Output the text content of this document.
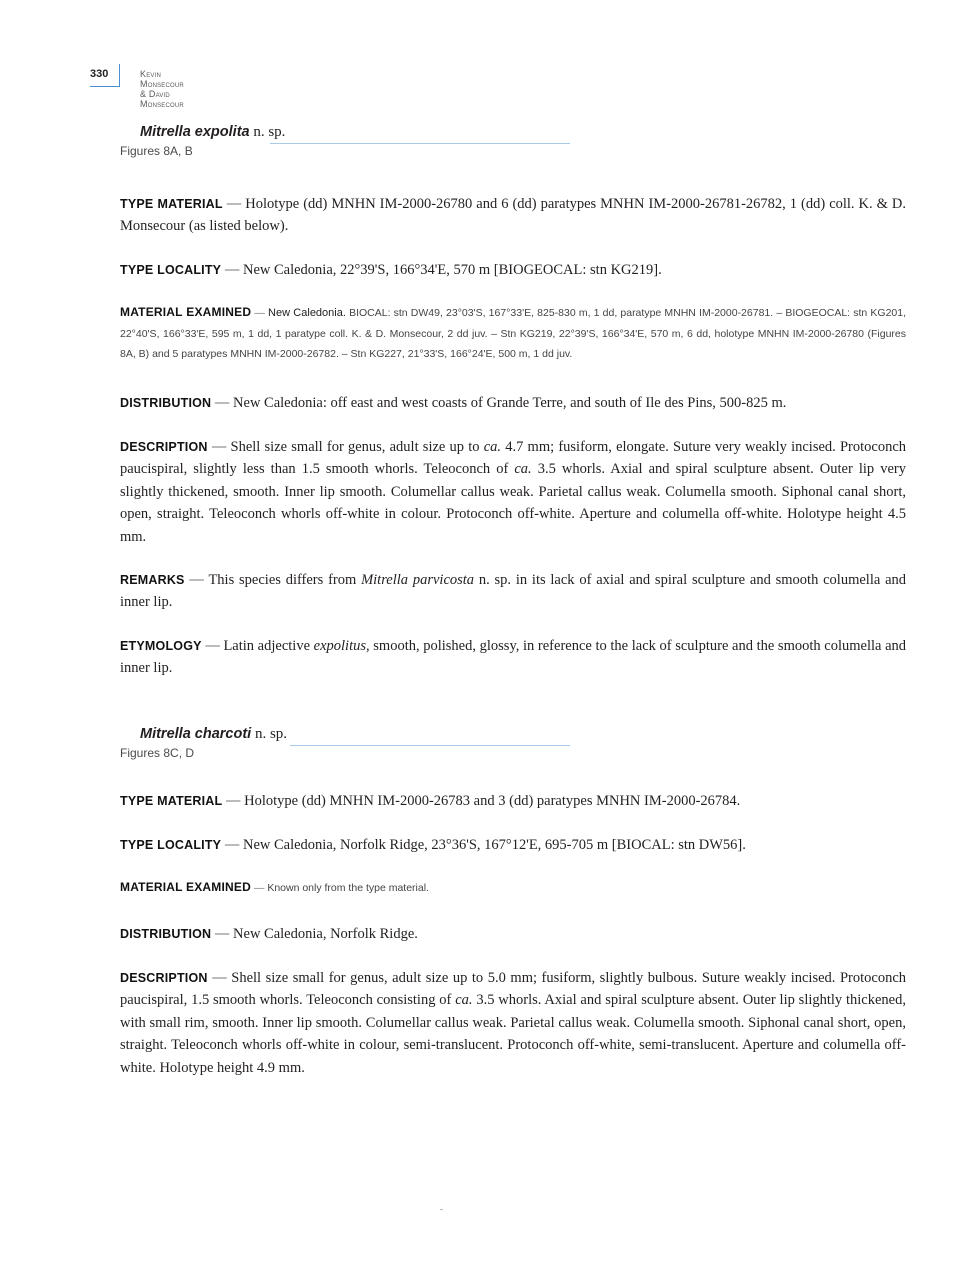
330	Kevin Monsecour & David Monsecour
Mitrella expolita n. sp.
Figures 8A, B

TYPE MATERIAL — Holotype (dd) MNHN IM-2000-26780 and 6 (dd) paratypes MNHN IM-2000-26781-26782, 1 (dd) coll. K. & D. Monsecour (as listed below).

TYPE LOCALITY — New Caledonia, 22°39'S, 166°34'E, 570 m [BIOGEOCAL: stn KG219].

MATERIAL EXAMINED — New Caledonia. BIOCAL: stn DW49, 23°03'S, 167°33'E, 825-830 m, 1 dd, paratype MNHN IM-2000-26781. – BIOGEOCAL: stn KG201, 22°40'S, 166°33'E, 595 m, 1 dd, 1 paratype coll. K. & D. Monsecour, 2 dd juv. – Stn KG219, 22°39'S, 166°34'E, 570 m, 6 dd, holotype MNHN IM-2000-26780 (Figures 8A, B) and 5 paratypes MNHN IM-2000-26782. – Stn KG227, 21°33'S, 166°24'E, 500 m, 1 dd juv.

DISTRIBUTION — New Caledonia: off east and west coasts of Grande Terre, and south of Ile des Pins, 500-825 m.

DESCRIPTION — Shell size small for genus, adult size up to ca. 4.7 mm; fusiform, elongate. Suture very weakly incised. Protoconch paucispiral, slightly less than 1.5 smooth whorls. Teleoconch of ca. 3.5 whorls. Axial and spiral sculpture absent. Outer lip very slightly thickened, smooth. Inner lip smooth. Columellar callus weak. Parietal callus weak. Columella smooth. Siphonal canal short, open, straight. Teleoconch whorls off-white in colour. Protoconch off-white. Aperture and columella off-white. Holotype height 4.5 mm.

REMARKS — This species differs from Mitrella parvicosta n. sp. in its lack of axial and spiral sculpture and smooth columella and inner lip.

ETYMOLOGY — Latin adjective expolitus, smooth, polished, glossy, in reference to the lack of sculpture and the smooth columella and inner lip.

Mitrella charcoti n. sp.
Figures 8C, D

TYPE MATERIAL — Holotype (dd) MNHN IM-2000-26783 and 3 (dd) paratypes MNHN IM-2000-26784.

TYPE LOCALITY — New Caledonia, Norfolk Ridge, 23°36'S, 167°12'E, 695-705 m [BIOCAL: stn DW56].

MATERIAL EXAMINED — Known only from the type material.

DISTRIBUTION — New Caledonia, Norfolk Ridge.

DESCRIPTION — Shell size small for genus, adult size up to 5.0 mm; fusiform, slightly bulbous. Suture weakly incised. Protoconch paucispiral, 1.5 smooth whorls. Teleoconch consisting of ca. 3.5 whorls. Axial and spiral sculpture absent. Outer lip slightly thickened, with small rim, smooth. Inner lip smooth. Columellar callus weak. Parietal callus weak. Columella smooth. Siphonal canal short, open, straight. Teleoconch whorls off-white in colour, semi-translucent. Protoconch off-white, semi-translucent. Aperture and columella off-white. Holotype height 4.9 mm.
